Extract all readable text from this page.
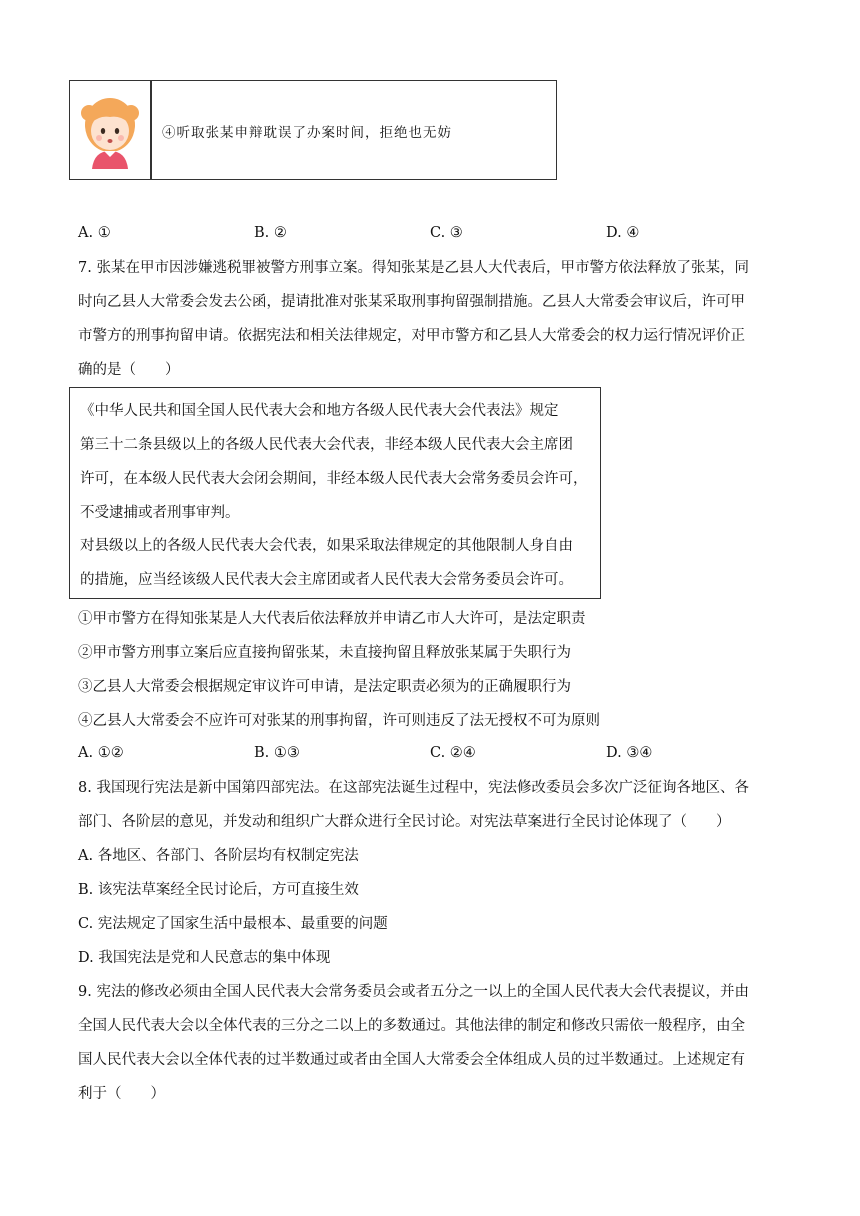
④听取张某申辩耽误了办案时间，拒绝也无妨
A. ①	B. ②	C. ③	D. ④
7. 张某在甲市因涉嫌逃税罪被警方刑事立案。得知张某是乙县人大代表后，甲市警方依法释放了张某，同
时向乙县人大常委会发去公函，提请批准对张某采取刑事拘留强制措施。乙县人大常委会审议后，许可甲
市警方的刑事拘留申请。依据宪法和相关法律规定，对甲市警方和乙县人大常委会的权力运行情况评价正
确的是（　　）
《中华人民共和国全国人民代表大会和地方各级人民代表大会代表法》规定
第三十二条县级以上的各级人民代表大会代表，非经本级人民代表大会主席团
许可，在本级人民代表大会闭会期间，非经本级人民代表大会常务委员会许可，
不受逮捕或者刑事审判。
对县级以上的各级人民代表大会代表，如果采取法律规定的其他限制人身自由
的措施，应当经该级人民代表大会主席团或者人民代表大会常务委员会许可。
①甲市警方在得知张某是人大代表后依法释放并申请乙市人大许可，是法定职责
②甲市警方刑事立案后应直接拘留张某，未直接拘留且释放张某属于失职行为
③乙县人大常委会根据规定审议许可申请，是法定职责必须为的正确履职行为
④乙县人大常委会不应许可对张某的刑事拘留，许可则违反了法无授权不可为原则
A. ①②	B. ①③	C. ②④	D. ③④
8. 我国现行宪法是新中国第四部宪法。在这部宪法诞生过程中，宪法修改委员会多次广泛征询各地区、各
部门、各阶层的意见，并发动和组织广大群众进行全民讨论。对宪法草案进行全民讨论体现了（　　）
A. 各地区、各部门、各阶层均有权制定宪法
B. 该宪法草案经全民讨论后，方可直接生效
C. 宪法规定了国家生活中最根本、最重要的问题
D. 我国宪法是党和人民意志的集中体现
9. 宪法的修改必须由全国人民代表大会常务委员会或者五分之一以上的全国人民代表大会代表提议，并由
全国人民代表大会以全体代表的三分之二以上的多数通过。其他法律的制定和修改只需依一般程序，由全
国人民代表大会以全体代表的过半数通过或者由全国人大常委会全体组成人员的过半数通过。上述规定有
利于（　　）
